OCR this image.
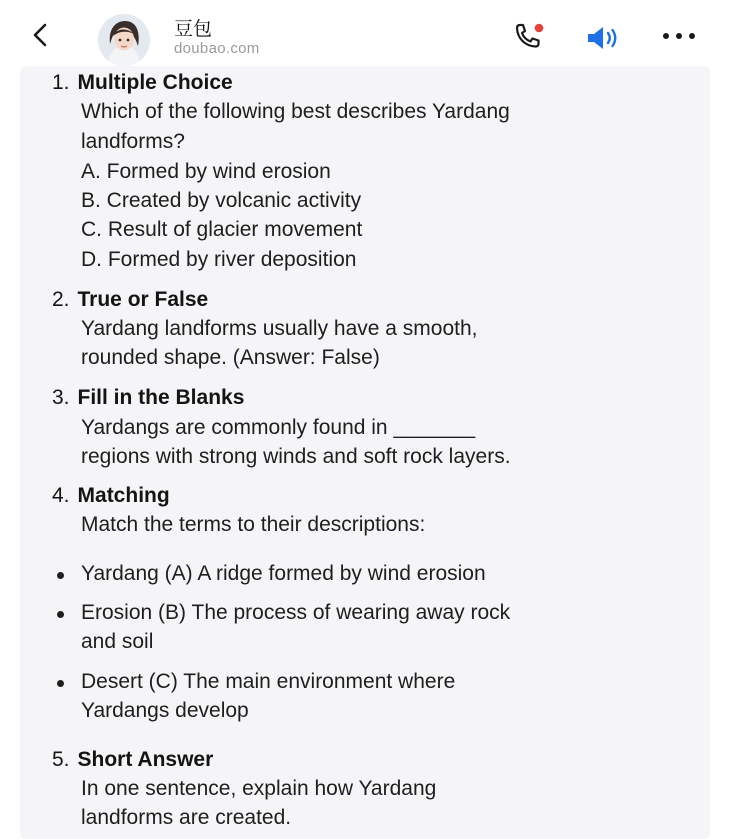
豆包
doubao.com
1. Multiple Choice
Which of the following best describes Yardang
landforms?
A. Formed by wind erosion
B. Created by volcanic activity
C. Result of glacier movement
D. Formed by river deposition
2. True or False
Yardang landforms usually have a smooth,
rounded shape. (Answer: False)
3. Fill in the Blanks
Yardangs are commonly found in _______
regions with strong winds and soft rock layers.
4. Matching
Match the terms to their descriptions:
Yardang (A) A ridge formed by wind erosion
Erosion (B) The process of wearing away rock
and soil
Desert (C) The main environment where
Yardangs develop
5. Short Answer
In one sentence, explain how Yardang
landforms are created.
